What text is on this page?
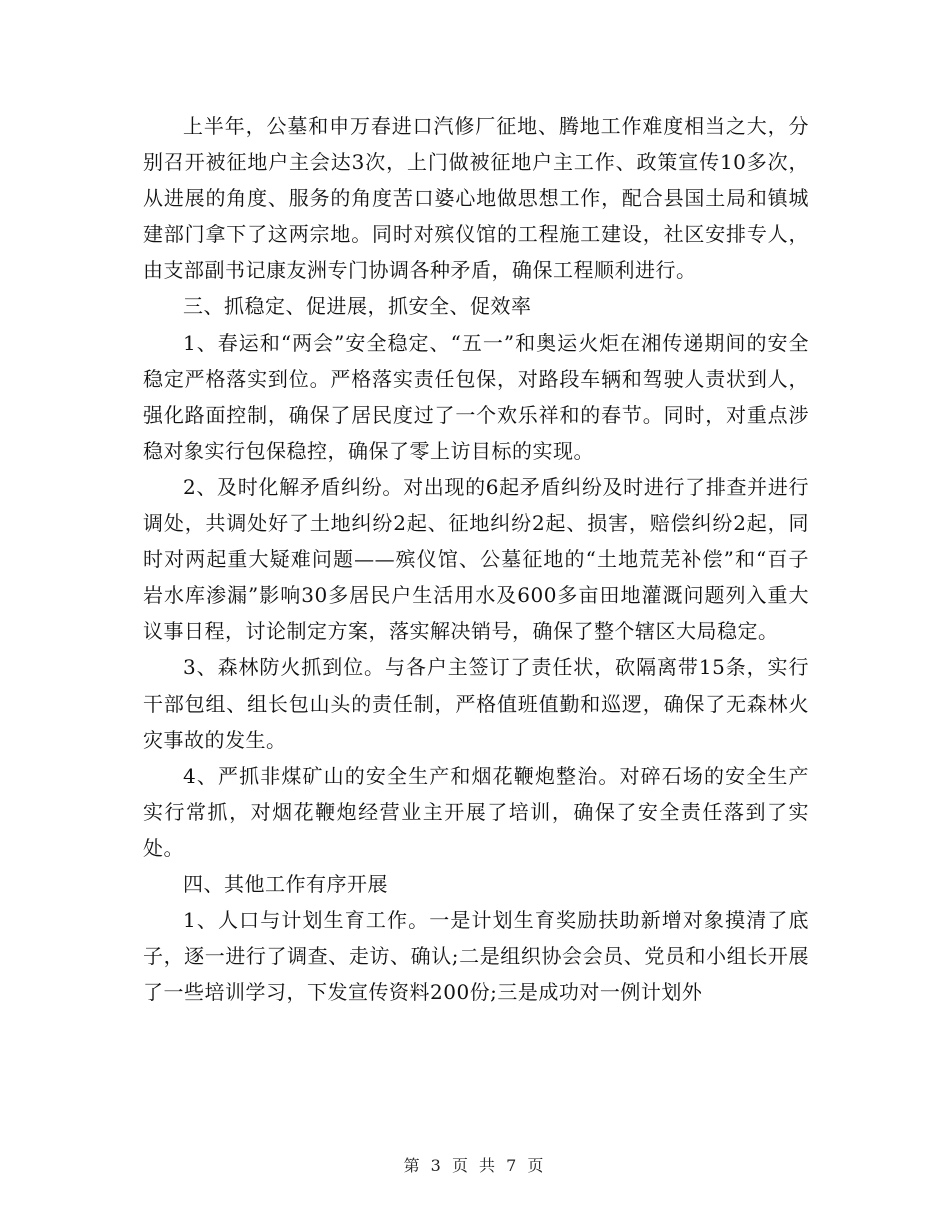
上半年，公墓和申万春进口汽修厂征地、腾地工作难度相当之大，分别召开被征地户主会达3次，上门做被征地户主工作、政策宣传10多次，从进展的角度、服务的角度苦口婆心地做思想工作，配合县国土局和镇城建部门拿下了这两宗地。同时对殡仪馆的工程施工建设，社区安排专人，由支部副书记康友洲专门协调各种矛盾，确保工程顺利进行。

三、抓稳定、促进展，抓安全、促效率

1、春运和“两会”安全稳定、“五一”和奥运火炬在湘传递期间的安全稳定严格落实到位。严格落实责任包保，对路段车辆和驾驶人责状到人，强化路面控制，确保了居民度过了一个欢乐祥和的春节。同时，对重点涉稳对象实行包保稳控，确保了零上访目标的实现。

2、及时化解矛盾纠纷。对出现的6起矛盾纠纷及时进行了排查并进行调处，共调处好了土地纠纷2起、征地纠纷2起、损害，赔偿纠纷2起，同时对两起重大疑难问题——殡仪馆、公墓征地的“土地荒芜补偿”和“百子岩水库渗漏”影响30多居民户生活用水及600多亩田地灌溉问题列入重大议事日程，讨论制定方案，落实解决销号，确保了整个辖区大局稳定。

3、森林防火抓到位。与各户主签订了责任状，砍隔离带15条，实行干部包组、组长包山头的责任制，严格值班值勤和巡逻，确保了无森林火灾事故的发生。

4、严抓非煤矿山的安全生产和烟花鞭炮整治。对碎石场的安全生产实行常抓，对烟花鞭炮经营业主开展了培训，确保了安全责任落到了实处。

四、其他工作有序开展

1、人口与计划生育工作。一是计划生育奖励扶助新增对象摸清了底子，逐一进行了调查、走访、确认;二是组织协会会员、党员和小组长开展了一些培训学习，下发宣传资料200份;三是成功对一例计划外

第 3 页 共 7 页
